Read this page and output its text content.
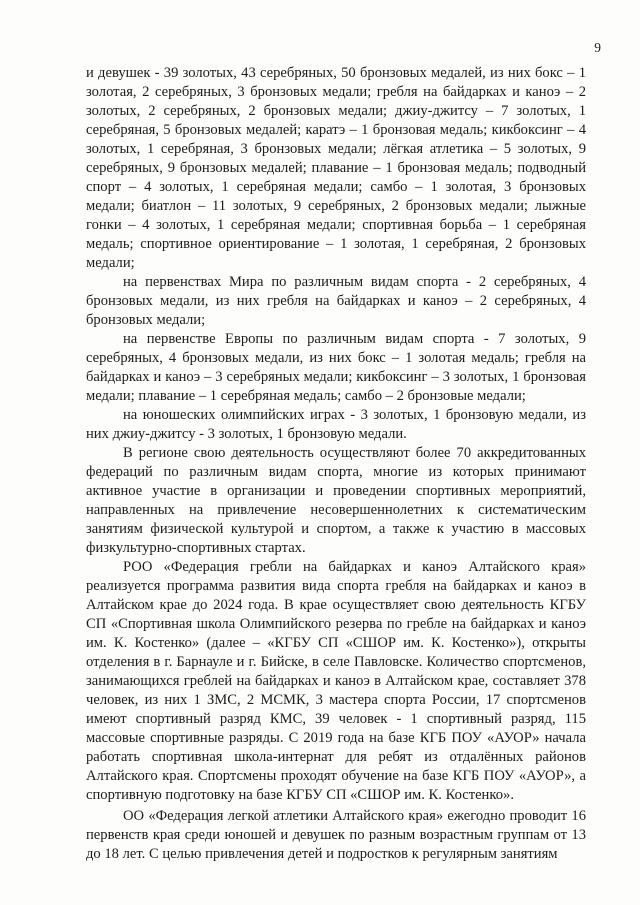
9

и девушек - 39 золотых, 43 серебряных, 50 бронзовых медалей, из них бокс – 1 золотая, 2 серебряных, 3 бронзовых медали; гребля на байдарках и каноэ – 2 золотых, 2 серебряных, 2 бронзовых медали; джиу-джитсу – 7 золотых, 1 серебряная, 5 бронзовых медалей; каратэ – 1 бронзовая медаль; кикбоксинг – 4 золотых, 1 серебряная, 3 бронзовых медали; лёгкая атлетика – 5 золотых, 9 серебряных, 9 бронзовых медалей; плавание – 1 бронзовая медаль; подводный спорт – 4 золотых, 1 серебряная медали; самбо – 1 золотая, 3 бронзовых медали; биатлон – 11 золотых, 9 серебряных, 2 бронзовых медали; лыжные гонки – 4 золотых, 1 серебряная медали; спортивная борьба – 1 серебряная медаль; спортивное ориентирование – 1 золотая, 1 серебряная, 2 бронзовых медали;

на первенствах Мира по различным видам спорта - 2 серебряных, 4 бронзовых медали, из них гребля на байдарках и каноэ – 2 серебряных, 4 бронзовых медали;

на первенстве Европы по различным видам спорта - 7 золотых, 9 серебряных, 4 бронзовых медали, из них бокс – 1 золотая медаль; гребля на байдарках и каноэ – 3 серебряных медали; кикбоксинг – 3 золотых, 1 бронзовая медали; плавание – 1 серебряная медаль; самбо – 2 бронзовые медали;

на юношеских олимпийских играх - 3 золотых, 1 бронзовую медали, из них джиу-джитсу - 3 золотых, 1 бронзовую медали.

В регионе свою деятельность осуществляют более 70 аккредитованных федераций по различным видам спорта, многие из которых принимают активное участие в организации и проведении спортивных мероприятий, направленных на привлечение несовершеннолетних к систематическим занятиям физической культурой и спортом, а также к участию в массовых физкультурно-спортивных стартах.

РОО «Федерация гребли на байдарках и каноэ Алтайского края» реализуется программа развития вида спорта гребля на байдарках и каноэ в Алтайском крае до 2024 года. В крае осуществляет свою деятельность КГБУ СП «Спортивная школа Олимпийского резерва по гребле на байдарках и каноэ им. К. Костенко» (далее – «КГБУ СП «СШОР им. К. Костенко»), открыты отделения в г. Барнауле и г. Бийске, в селе Павловске. Количество спортсменов, занимающихся греблей на байдарках и каноэ в Алтайском крае, составляет 378 человек, из них 1 ЗМС, 2 МСМК, 3 мастера спорта России, 17 спортсменов имеют спортивный разряд КМС, 39 человек - 1 спортивный разряд, 115 массовые спортивные разряды. С 2019 года на базе КГБ ПОУ «АУОР» начала работать спортивная школа-интернат для ребят из отдалённых районов Алтайского края. Спортсмены проходят обучение на базе КГБ ПОУ «АУОР», а спортивную подготовку на базе КГБУ СП «СШОР им. К. Костенко».

ОО «Федерация легкой атлетики Алтайского края» ежегодно проводит 16 первенств края среди юношей и девушек по разным возрастным группам от 13 до 18 лет. С целью привлечения детей и подростков к регулярным занятиям
